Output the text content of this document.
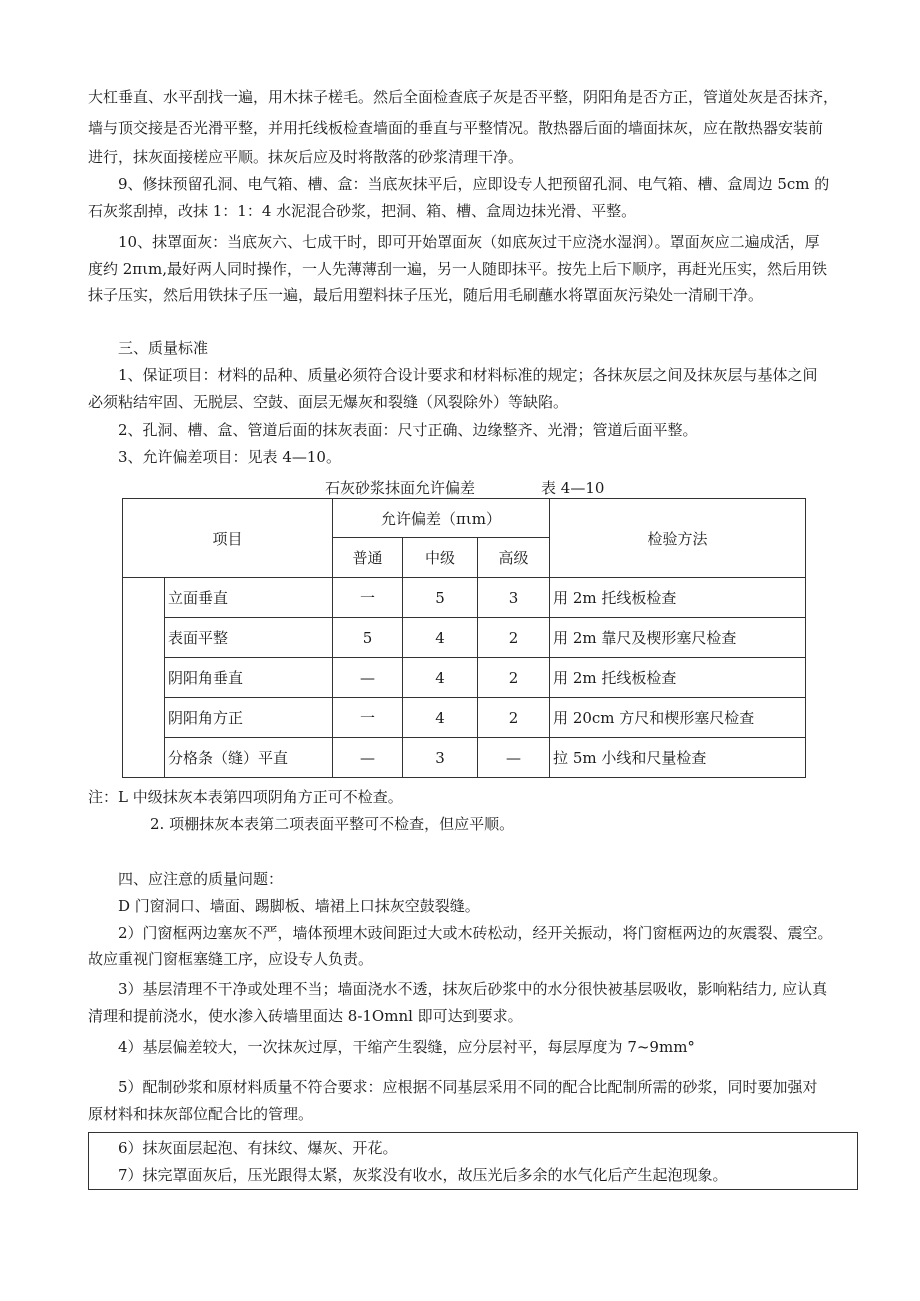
大杠垂直、水平刮找一遍，用木抹子槎毛。然后全面检查底子灰是否平整，阴阳角是否方正，管道处灰是否抹齐，
墙与顶交接是否光滑平整，并用托线板检查墙面的垂直与平整情况。散热器后面的墙面抹灰，应在散热器安装前
进行，抹灰面接槎应平顺。抹灰后应及时将散落的砂浆清理干净。
9、修抹预留孔洞、电气箱、槽、盒：当底灰抹平后，应即设专人把预留孔洞、电气箱、槽、盒周边 5cm 的
石灰浆刮掉，改抹 1：1：4 水泥混合砂浆，把洞、箱、槽、盒周边抹光滑、平整。
10、抹罩面灰：当底灰六、七成干时，即可开始罩面灰（如底灰过干应浇水湿润）。罩面灰应二遍成活，厚
度约 2πιm,最好两人同时操作，一人先薄薄刮一遍，另一人随即抹平。按先上后下顺序，再赶光压实，然后用铁
抹子压实，然后用铁抹子压一遍，最后用塑料抹子压光，随后用毛刷蘸水将罩面灰污染处一清刷干净。
三、质量标准
1、保证项目：材料的品种、质量必须符合设计要求和材料标准的规定；各抹灰层之间及抹灰层与基体之间
必须粘结牢固、无脱层、空鼓、面层无爆灰和裂缝（风裂除外）等缺陷。
2、孔洞、槽、盒、管道后面的抹灰表面：尺寸正确、边缘整齐、光滑；管道后面平整。
3、允许偏差项目：见表 4—10。
石灰砂浆抹面允许偏差	表 4—10
项目		允许偏差（πιm）			检验方法
		普通	中级	高级	
	立面垂直	一	5	3	用 2m 托线板检查
	表面平整	5	4	2	用 2m 靠尺及楔形塞尺检查
	阴阳角垂直	—	4	2	用 2m 托线板检查
	阴阳角方正	一	4	2	用 20cm 方尺和楔形塞尺检查
	分格条（缝）平直	—	3	—	拉 5m 小线和尺量检查
注：L 中级抹灰本表第四项阴角方正可不检查。
2. 项棚抹灰本表第二项表面平整可不检查，但应平顺。
四、应注意的质量问题：
D 门窗洞口、墙面、踢脚板、墙裙上口抹灰空鼓裂缝。
2）门窗框两边塞灰不严，墙体预埋木豉间距过大或木砖松动，经开关振动，将门窗框两边的灰震裂、震空。
故应重视门窗框塞缝工序，应设专人负责。
3）基层清理不干净或处理不当；墙面浇水不透，抹灰后砂浆中的水分很快被基层吸收，影响粘结力, 应认真
清理和提前浇水，使水渗入砖墙里面达 8-1Omnl 即可达到要求。
4）基层偏差较大，一次抹灰过厚，干缩产生裂缝，应分层衬平，每层厚度为 7~9mm°
5）配制砂浆和原材料质量不符合要求：应根据不同基层采用不同的配合比配制所需的砂浆，同时要加强对
原材料和抹灰部位配合比的管理。
6）抹灰面层起泡、有抹纹、爆灰、开花。
7）抹完罩面灰后，压光跟得太紧，灰浆没有收水，故压光后多余的水气化后产生起泡现象。
